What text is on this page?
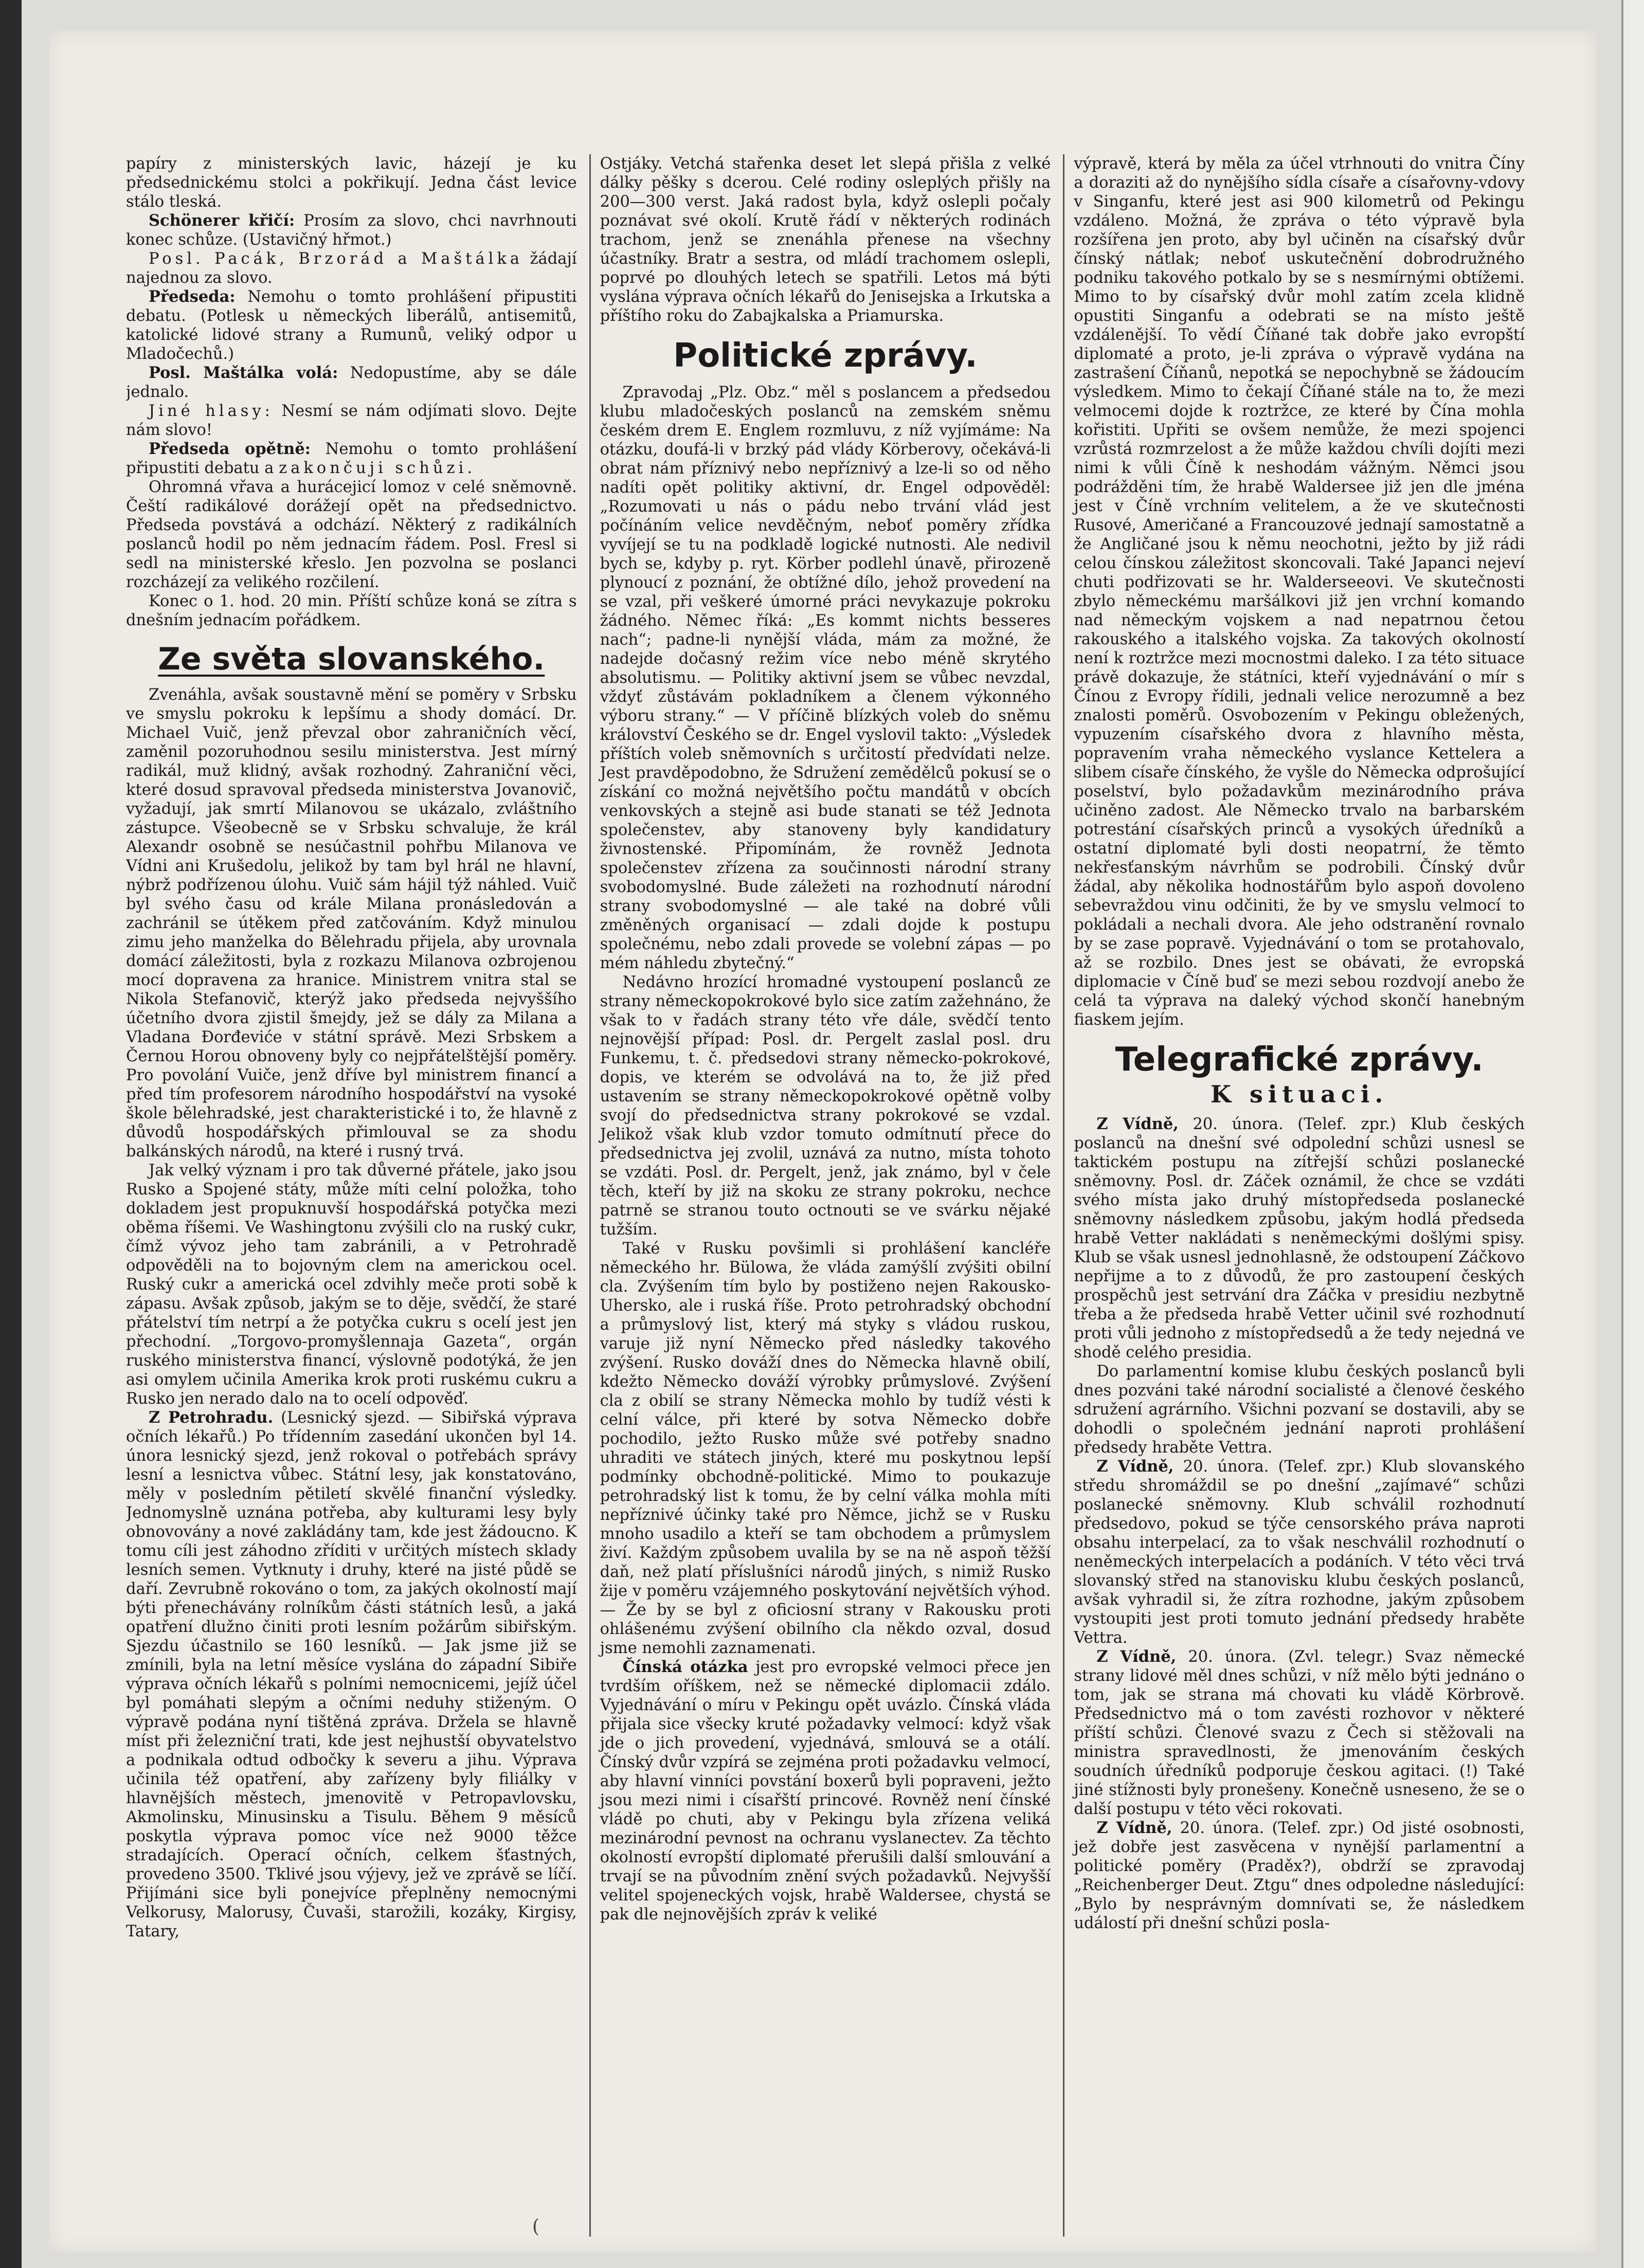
papíry z ministerských lavic, házejí je ku předsednickému stolci a pokřikují. Jedna část levice stálo tleská.

Schönerer křičí: Prosím za slovo, chci navrhnouti konec schůze. (Ustavičný hřmot.)

Posl. Pacák, Brzorád a Maštálka žádají najednou za slovo.

Předseda: Nemohu o tomto prohlášení připustiti debatu. (Potlesk u německých liberálů, antisemitů, katolické lidové strany a Rumunů, veliký odpor u Mladočechů.)

Posl. Maštálka volá: Nedopustíme, aby se dále jednalo.

Jiné hlasy: Nesmí se nám odjímati slovo. Dejte nám slovo!

Předseda opětně: Nemohu o tomto prohlášení připustiti debatu a zakončuji schůzi.

Ohromná vřava a hurácejicí lomoz v celé sněmovně. Čeští radikálové dorážejí opět na předsednictvo. Předseda povstává a odchází. Některý z radikálních poslanců hodil po něm jednacím řádem. Posl. Fresl si sedl na ministerské křeslo. Jen pozvolna se poslanci rozcházejí za velikého rozčilení.

Konec o 1. hod. 20 min. Příští schůze koná se zítra s dnešním jednacím pořádkem.

Ze světa slovanského.

Zvenáhla, avšak soustavně mění se poměry v Srbsku ve smyslu pokroku k lepšímu a shody domácí. Dr. Michael Vuič, jenž převzal obor zahraničních věcí, zaměnil pozoruhodnou sesilu ministerstva. Jest mírný radikál, muž klidný, avšak rozhodný. Zahraniční věci, které dosud spravoval předseda ministerstva Jovanovič, vyžadují, jak smrtí Milanovou se ukázalo, zvláštního zástupce. Všeobecně se v Srbsku schvaluje, že král Alexandr osobně se nesúčastnil pohřbu Milanova ve Vídni ani Krušedolu, jelikož by tam byl hrál ne hlavní, nýbrž podřízenou úlohu. Vuič sám hájil týž náhled. Vuič byl svého času od krále Milana pronásledován a zachránil se útěkem před zatčováním. Když minulou zimu jeho manželka do Bělehradu přijela, aby urovnala domácí záležitosti, byla z rozkazu Milanova ozbrojenou mocí dopravena za hranice. Ministrem vnitra stal se Nikola Stefanovič, kterýž jako předseda nejvyššího účetního dvora zjistil šmejdy, jež se dály za Milana a Vladana Đorđeviće v státní správě. Mezi Srbskem a Černou Horou obnoveny byly co nejpřátelštější poměry. Pro povolání Vuiče, jenž dříve byl ministrem financí a před tím profesorem národního hospodářství na vysoké škole bělehradské, jest charakteristické i to, že hlavně z důvodů hospodářských přimlouval se za shodu balkánských národů, na které i rusný trvá.

Jak velký význam i pro tak důverné přátele, jako jsou Rusko a Spojené státy, může míti celní položka, toho dokladem jest propuknuvší hospodářská potyčka mezi oběma říšemi. Ve Washingtonu zvýšili clo na ruský cukr, čímž vývoz jeho tam zabránili, a v Petrohradě odpověděli na to bojovným clem na americkou ocel. Ruský cukr a americká ocel zdvihly meče proti sobě k zápasu. Avšak způsob, jakým se to děje, svědčí, že staré přátelství tím netrpí a že potyčka cukru s ocelí jest jen přechodní. „Torgovo-promyšlennaja Gazeta“, orgán ruského ministerstva financí, výslovně podotýká, že jen asi omylem učinila Amerika krok proti ruskému cukru a Rusko jen nerado dalo na to ocelí odpověď.

Z Petrohradu. (Lesnický sjezd. — Sibiřská výprava očních lékařů.) Po třídenním zasedání ukončen byl 14. února lesnický sjezd, jenž rokoval o potřebách správy lesní a lesnictva vůbec. Státní lesy, jak konstatováno, měly v posledním pětiletí skvělé finanční výsledky. Jednomyslně uznána potřeba, aby kulturami lesy byly obnovovány a nové zakládány tam, kde jest žádoucno. K tomu cíli jest záhodno zříditi v určitých místech sklady lesních semen. Vytknuty i druhy, které na jisté půdě se daří. Zevrubně rokováno o tom, za jakých okolností mají býti přenechávány rolníkům části státních lesů, a jaká opatření dlužno činiti proti lesním požárům sibiřským. Sjezdu účastnilo se 160 lesníků. — Jak jsme již se zmínili, byla na letní měsíce vyslána do západní Sibiře výprava očních lékařů s polními nemocnicemi, jejíž účel byl pomáhati slepým a očními neduhy stiženým. O výpravě podána nyní tištěná zpráva. Držela se hlavně míst při železniční trati, kde jest nejhustší obyvatelstvo a podnikala odtud odbočky k severu a jihu. Výprava učinila též opatření, aby zařízeny byly filiálky v hlavnějších městech, jmenovitě v Petropavlovsku, Akmolinsku, Minusinsku a Tisulu. Během 9 měsíců poskytla výprava pomoc více než 9000 těžce stradajících. Operací očních, celkem šťastných, provedeno 3500. Tklivé jsou výjevy, jež ve zprávě se líčí. Přijímáni sice byli ponejvíce přeplněny nemocnými Velkorusy, Malorusy, Čuvaši, starožili, kozáky, Kirgisy, Tatary,

Ostjáky. Vetchá stařenka deset let slepá přišla z velké dálky pěšky s dcerou. Celé rodiny osleplých přišly na 200—300 verst. Jaká radost byla, když oslepli počaly poznávat své okolí. Krutě řádí v některých rodinách trachom, jenž se znenáhla přenese na všechny účastníky. Bratr a sestra, od mládí trachomem oslepli, poprvé po dlouhých letech se spatřili. Letos má býti vyslána výprava očních lékařů do Jenisejska a Irkutska a příštího roku do Zabajkalska a Priamurska.

Politické zprávy.

Zpravodaj „Plz. Obz.“ měl s poslancem a předsedou klubu mladočeských poslanců na zemském sněmu českém drem E. Englem rozmluvu, z níž vyjímáme: Na otázku, doufá-li v brzký pád vlády Körberovy, očekává-li obrat nám příznivý nebo nepříznivý a lze-li so od něho nadíti opět politiky aktivní, dr. Engel odpověděl: „Rozumovati u nás o pádu nebo trvání vlád jest počínáním velice nevděčným, neboť poměry zřídka vyvíjejí se tu na podkladě logické nutnosti. Ale nedivil bych se, kdyby p. ryt. Körber podlehl únavě, přirozeně plynoucí z poznání, že obtížné dílo, jehož provedení na se vzal, při veškeré úmorné práci nevykazuje pokroku žádného. Němec říká: „Es kommt nichts besseres nach“; padne-li nynější vláda, mám za možné, že nadejde dočasný režim více nebo méně skrytého absolutismu. — Politiky aktivní jsem se vůbec nevzdal, vždyť zůstávám pokladníkem a členem výkonného výboru strany.“ — V příčině blízkých voleb do sněmu království Českého se dr. Engel vyslovil takto: „Výsledek příštích voleb sněmovních s určitostí předvídati nelze. Jest pravděpodobno, že Sdružení zemědělců pokusí se o získání co možná největšího počtu mandátů v obcích venkovských a stejně asi bude stanati se též Jednota společenstev, aby stanoveny byly kandidatury živnostenské. Připomínám, že rovněž Jednota společenstev zřízena za součinnosti národní strany svobodomyslné. Bude záležeti na rozhodnutí národní strany svobodomyslné — ale také na dobré vůli změněných organisací — zdali dojde k postupu společnému, nebo zdali provede se volební zápas — po mém náhledu zbytečný.“

Nedávno hrozící hromadné vystoupení poslanců ze strany německopokrokové bylo sice zatím zažehnáno, že však to v řadách strany této vře dále, svědčí tento nejnovější případ: Posl. dr. Pergelt zaslal posl. dru Funkemu, t. č. předsedovi strany německo-pokrokové, dopis, ve kterém se odvolává na to, že již před ustavením se strany německopokrokové opětně volby svojí do předsednictva strany pokrokové se vzdal. Jelikož však klub vzdor tomuto odmítnutí přece do předsednictva jej zvolil, uznává za nutno, místa tohoto se vzdáti. Posl. dr. Pergelt, jenž, jak známo, byl v čele těch, kteří by již na skoku ze strany pokroku, nechce patrně se stranou touto octnouti se ve svárku nějaké tužším.

Také v Rusku povšimli si prohlášení kancléře německého hr. Bülowa, že vláda zamýšlí zvýšiti obilní cla. Zvýšením tím bylo by postiženo nejen Rakousko-Uhersko, ale i ruská říše. Proto petrohradský obchodní a průmyslový list, který má styky s vládou ruskou, varuje již nyní Německo před následky takového zvýšení. Rusko dováží dnes do Německa hlavně obilí, kdežto Německo dováží výrobky průmyslové. Zvýšení cla z obilí se strany Německa mohlo by tudíž vésti k celní válce, při které by sotva Německo dobře pochodilo, ježto Rusko může své potřeby snadno uhraditi ve státech jiných, které mu poskytnou lepší podmínky obchodně-politické. Mimo to poukazuje petrohradský list k tomu, že by celní válka mohla míti nepříznivé účinky také pro Němce, jichž se v Rusku mnoho usadilo a kteří se tam obchodem a průmyslem živí. Každým způsobem uvalila by se na ně aspoň těžší daň, než platí příslušníci národů jiných, s nimiž Rusko žije v poměru vzájemného poskytování největších výhod. — Že by se byl z oficiosní strany v Rakousku proti ohlášenému zvýšení obilního cla někdo ozval, dosud jsme nemohli zaznamenati.

Čínská otázka jest pro evropské velmoci přece jen tvrdším oříškem, než se německé diplomacii zdálo. Vyjednávání o míru v Pekingu opět uvázlo. Čínská vláda přijala sice všecky kruté požadavky velmocí: když však jde o jich provedení, vyjednává, smlouvá se a otálí. Čínský dvůr vzpírá se zejména proti požadavku velmocí, aby hlavní vinníci povstání boxerů byli popraveni, ježto jsou mezi nimi i císařští princové. Rovněž není čínské vládě po chuti, aby v Pekingu byla zřízena veliká mezinárodní pevnost na ochranu vyslanectev. Za těchto okolností evropští diplomaté přerušili další smlouvání a trvají se na původním znění svých požadavků. Nejvyšší velitel spojeneckých vojsk, hrabě Waldersee, chystá se pak dle nejnovějších zpráv k veliké

výpravě, která by měla za účel vtrhnouti do vnitra Číny a doraziti až do nynějšího sídla císaře a císařovny-vdovy v Singanfu, které jest asi 900 kilometrů od Pekingu vzdáleno. Možná, že zpráva o této výpravě byla rozšířena jen proto, aby byl učiněn na císařský dvůr čínský nátlak; neboť uskutečnění dobrodružného podniku takového potkalo by se s nesmírnými obtížemi. Mimo to by císařský dvůr mohl zatím zcela klidně opustiti Singanfu a odebrati se na místo ještě vzdálenější. To vědí Číňané tak dobře jako evropští diplomaté a proto, je-li zpráva o výpravě vydána na zastrašení Číňanů, nepotká se nepochybně se žádoucím výsledkem. Mimo to čekají Číňané stále na to, že mezi velmocemi dojde k roztržce, ze které by Čína mohla kořistiti. Upřiti se ovšem nemůže, že mezi spojenci vzrůstá rozmrzelost a že může každou chvíli dojíti mezi nimi k vůli Číně k neshodám vážným. Němci jsou podrážděni tím, že hrabě Waldersee již jen dle jména jest v Číně vrchním velitelem, a že ve skutečnosti Rusové, Američané a Francouzové jednají samostatně a že Angličané jsou k němu neochotni, ježto by již rádi celou čínskou záležitost skoncovali. Také Japanci nejeví chuti podřizovati se hr. Walderseeovi. Ve skutečnosti zbylo německému maršálkovi již jen vrchní komando nad německým vojskem a nad nepatrnou četou rakouského a italského vojska. Za takových okolností není k roztržce mezi mocnostmi daleko. I za této situace právě dokazuje, že státníci, kteří vyjednávání o mír s Čínou z Evropy řídili, jednali velice nerozumně a bez znalosti poměrů. Osvobozením v Pekingu obležených, vypuzením císařského dvora z hlavního města, popravením vraha německého vyslance Kettelera a slibem císaře čínského, že vyšle do Německa odprošující poselství, bylo požadavkům mezinárodního práva učiněno zadost. Ale Německo trvalo na barbarském potrestání císařských princů a vysokých úředníků a ostatní diplomaté byli dosti neopatrní, že těmto nekřesťanským návrhům se podrobili. Čínský dvůr žádal, aby několika hodnostářům bylo aspoň dovoleno sebevraždou vinu odčiniti, že by ve smyslu velmocí to pokládali a nechali dvora. Ale jeho odstranění rovnalo by se zase popravě. Vyjednávání o tom se protahovalo, až se rozbilo. Dnes jest se obávati, že evropská diplomacie v Číně buď se mezi sebou rozdvojí anebo že celá ta výprava na daleký východ skončí hanebným fiaskem jejím.

Telegrafické zprávy.
K situaci.

Z Vídně, 20. února. (Telef. zpr.) Klub českých poslanců na dnešní své odpolední schůzi usnesl se taktickém postupu na zítřejší schůzi poslanecké sněmovny. Posl. dr. Záček oznámil, že chce se vzdáti svého místa jako druhý místopředseda poslanecké sněmovny následkem způsobu, jakým hodlá předseda hrabě Vetter nakládati s neněmeckými došlými spisy. Klub se však usnesl jednohlasně, že odstoupení Záčkovo nepřijme a to z důvodů, že pro zastoupení českých prospěchů jest setrvání dra Záčka v presidiu nezbytně třeba a že předseda hrabě Vetter učinil své rozhodnutí proti vůli jednoho z místopředsedů a že tedy nejedná ve shodě celého presidia.

Do parlamentní komise klubu českých poslanců byli dnes pozváni také národní socialisté a členové českého sdružení agrárního. Všichni pozvaní se dostavili, aby se dohodli o společném jednání naproti prohlášení předsedy hraběte Vettra.

Z Vídně, 20. února. (Telef. zpr.) Klub slovanského středu shromáždil se po dnešní „zajímavé“ schůzi poslanecké sněmovny. Klub schválil rozhodnutí předsedovo, pokud se týče censorského práva naproti obsahu interpelací, za to však neschválil rozhodnutí o neněmeckých interpelacích a podáních. V této věci trvá slovanský střed na stanovisku klubu českých poslanců, avšak vyhradil si, že zítra rozhodne, jakým způsobem vystoupiti jest proti tomuto jednání předsedy hraběte Vettra.

Z Vídně, 20. února. (Zvl. telegr.) Svaz německé strany lidové měl dnes schůzi, v níž mělo býti jednáno o tom, jak se strana má chovati ku vládě Körbrově. Předsednictvo má o tom zavésti rozhovor v některé příští schůzi. Členové svazu z Čech si stěžovali na ministra spravedlnosti, že jmenováním českých soudních úředníků podporuje českou agitaci. (!) Také jiné stížnosti byly pronešeny. Konečně usneseno, že se o další postupu v této věci rokovati.

Z Vídně, 20. února. (Telef. zpr.) Od jisté osobnosti, jež dobře jest zasvěcena v nynější parlamentní a politické poměry (Praděx?), obdrží se zpravodaj „Reichenberger Deut. Ztgu“ dnes odpoledne následující: „Bylo by nesprávným domnívati se, že následkem událostí při dnešní schůzi posla-

(
